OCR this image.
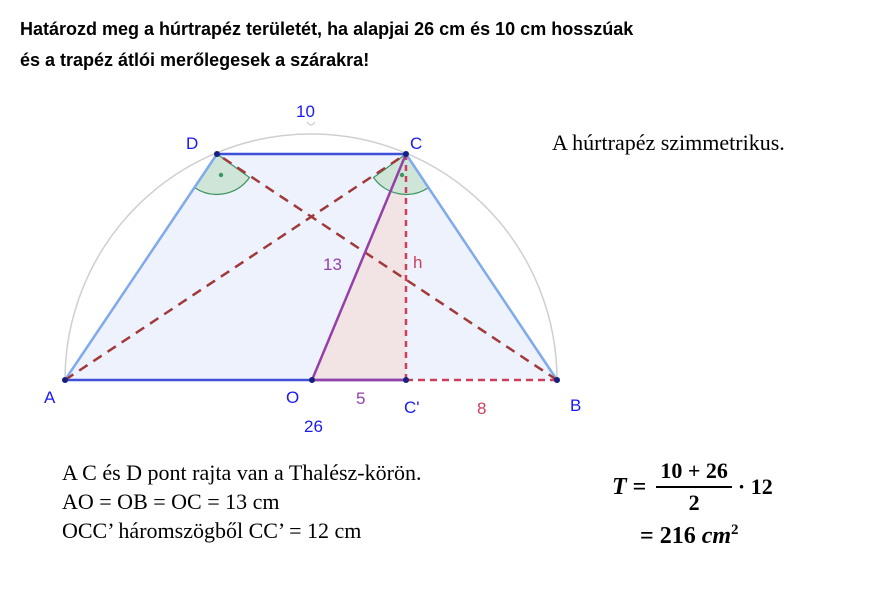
Határozd meg a húrtrapéz területét, ha alapjai 26 cm és 10 cm hosszúak
és a trapéz átlói merőlegesek a szárakra!
A	B
C
D
O
C'
10
26
13
5
h
8
A húrtrapéz szimmetrikus.
A C és D pont rajta van a Thalész-körön.
AO = OB = OC = 13 cm
OCC’ háromszögből CC’ = 12 cm
$T = \frac{10 + 26}{2} \cdot 12$
= 216 $cm^2$
